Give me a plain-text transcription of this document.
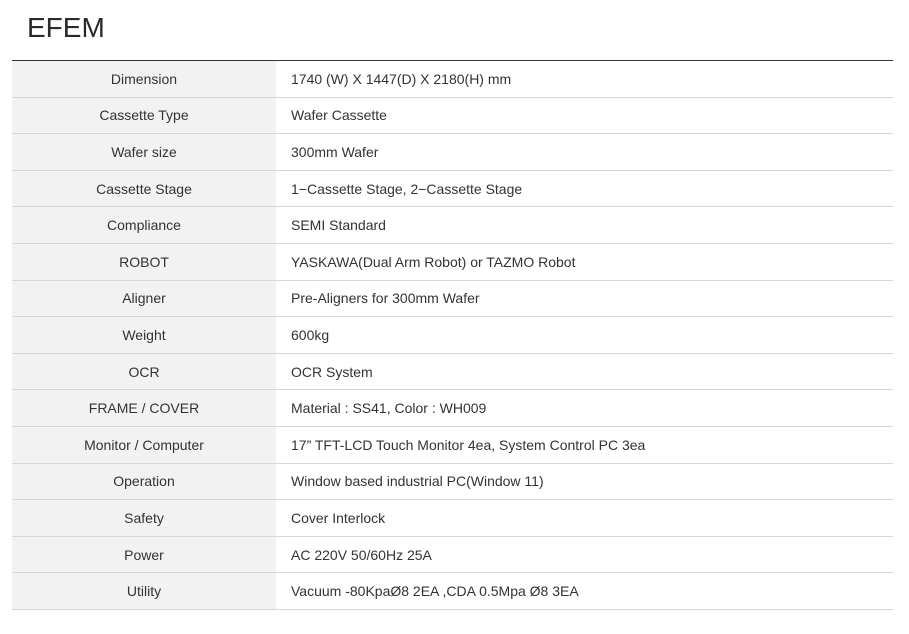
EFEM
Dimension	1740 (W) X 1447(D) X 2180(H) mm
Cassette Type	Wafer Cassette
Wafer size	300mm Wafer
Cassette Stage	1−Cassette Stage, 2−Cassette Stage
Compliance	SEMI Standard
ROBOT	YASKAWA(Dual Arm Robot) or TAZMO Robot
Aligner	Pre-Aligners for 300mm Wafer
Weight	600kg
OCR	OCR System
FRAME / COVER	Material : SS41, Color : WH009
Monitor / Computer	17” TFT-LCD Touch Monitor 4ea, System Control PC 3ea
Operation	Window based industrial PC(Window 11)
Safety	Cover Interlock
Power	AC 220V 50/60Hz 25A
Utility	Vacuum -80KpaØ8 2EA ,CDA 0.5Mpa Ø8 3EA
